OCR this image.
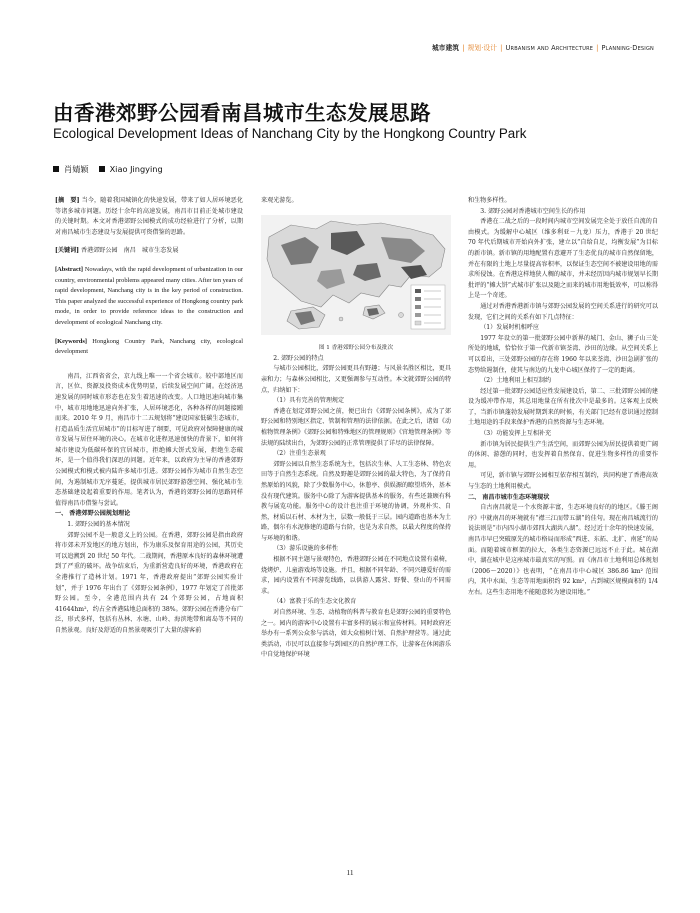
城市建筑 | 规划·设计 | Urbanism and Architecture | Planning·Design
由香港郊野公园看南昌城市生态发展思路
Ecological Development Ideas of Nanchang City by the Hongkong Country Park
肖婧颖	Xiao Jingying

[摘　要] 当今，随着我国城镇化的快速发展，带来了如人居环境恶化等诸多城市问题。历经十余年的高速发展，南昌市目前正处城市建设的关键时期。本文对香港郊野公园模式的成功经验进行了分析，以期对南昌城市生态建设与发展提供可资借鉴的思路。

[关键词] 香港郊野公园　南昌　城市生态发展

[Abstract] Nowadays, with the rapid development of urbanization in our country, environmental problems appeared many cities. After ten years of rapid development, Nanchang city is in the key period of construction. This paper analyzed the successful experience of Hongkong country park mode, in order to provide reference ideas to the construction and development of ecological Nanchang city.

[Keywords] Hongkong Country Park, Nanchang city, ecological development

南昌，江西省省会，京九线上唯一一个省会城市。较中部地区而言，区位、资源及投资成本优势明显，后续发展空间广阔。在经济迅速发展的同时城市形态也在发生着迅速的改变。人口地迅速向城市集中，城市用地地迅速向外扩张，人居环境恶化，各种各样的问题接踵而来。2010 年 9 月，南昌市十二五规划将“建设国家低碳生态城市，打造品质生活宜居城市”的目标写进了纲要，可见政府对保障健康的城市发展与居住环境的决心。在城市化进程迅速加快的背景下，如何将城市建设为低碳环保的宜居城市，拒绝摊大饼式发展，拒绝生态破坏，是一个值得我们深思的问题。近年来，以政府为主导的香港郊野公园模式和模式被内陆许多城市引进。郊野公园作为城市自然生态空间，为遏制城市无序蔓延，提供城市居民郊野游憩空间、强化城市生态基础建设起着重要的作用。笔者认为，香港的郊野公园的思路同样值得南昌市借鉴与尝试。

一、 香港郊野公园规划理论

1. 郊野公园的基本情况

郊野公园不是一般意义上的公园。在香港，郊野公园是指由政府将市郊未开发地区的地方划出，作为康乐及保育用途的公园，其历史可以追溯到 20 世纪 50 年代。二战期间，香港原本良好的森林环境遭到了严重的破坏。战争结束后，为重新营造良好的环境，香港政府在全港推行了造林计划。1971 年，香港政府提出“郊野公园实验计划”，并于 1976 年出台了《郊野公园条例》，1977 年划定了首批郊野公园。至今，全港范围内共有 24 个郊野公园，占地面积 41644hm²，约占全香港陆地总面积的 38%。郊野公园在香港分布广泛，形式多样，包括有丛林、水塘、山岭、海滨地带和离岛等不同的自然景观。良好及舒适的自然景观吸引了大量的游客前

来观光游览。

图 1 香港郊野公园分布及批次

2. 郊野公园的特点

与城市公园相比，郊野公园更具有野趣；与风景名胜区相比，更具亲和力；与森林公园相比，又更强调参与互动性。本文就郊野公园的特点，归纳如下：

（1）具有完善的管理规定

香港在划定郊野公园之前，便已出台《郊野公园条例》，成为了郊野公园和特别地区指定、管制和管理的法律依据。在此之后，诸如《动植物管理条例》《郊野公园和特殊地区的管理规则》《官地管理条例》等法规的陆续出台，为郊野公园的正常管理提供了详尽的法律保障。

（2）注重生态景观

郊野公园以自然生态系统为主，包括次生林、人工生态林、特色农田等于自然生态系统。自然及野趣是郊野公园的最大特色，为了保持自然原始的风貌，除了少数服务中心，休憩亭、供娱源的瞭望塔外，基本没有现代建筑。服务中心除了为游客提供基本的服务，有些还兼顾有科教与展览功能。服务中心的设计也注重于环境的协调，外观朴实、自然，材质以石材、木材为主，层数一般低于三层。园内道路也基本为土路，偶尔有水泥修建的道路与台阶，也是为求自然，以最大程度的保持与环境的和谐。

（3）游乐设施的多样性

根据不同主题与景观特色，香港郊野公园在不同地点设置有桌椅，烧烤炉、儿童游戏场等设施。并且，根据不同年龄、不同兴趣爱好的需求，园内设置有不同游览线路，以供游人露营、野餐、登山的不同需求。

（4）富教于乐的生态文化教育

对自然环境、生态、动植物的科普与教育也是郊野公园的重要特色之一。园内的游客中心设置有丰富多样的展示和宣传材料。同时政府还举办有一系列公众参与活动，如大众植树计划、自然护理营等。通过此类活动，市民可以直接参与到园区的自然护理工作，让游客在休闲游乐中自觉地保护环境

和生物多样性。

3. 郊野公园对香港城市空间生长的作用

香港在二战之后的一段时间内城市空间发展完全处于放任自流的自由模式。为缓解中心城区（维多利亚－九龙）压力，香港于 20 世纪 70 年代后期城市开始向外扩张，建立以“自给自足，均衡发展”为目标的新市镇。新市镇的用地配置有意避开了生态优良的城市自然保留地，并在有限的土地上尽量提高容积率，以保证生态空间不被建设用地的需求所侵蚀。在香港这样地狭人稠的城市，并未经历因内城市规划早长期批评的“摊大饼”式城市扩张以及随之而来的城市用地低效率，可以称得上是一个奇迹。

通过对香港香港新市镇与郊野公园发展的空间关系进行的研究可以发现，它们之间的关系有如下几点特征：

（1）发展时机相呼应

1977 年设立的第一批郊野公园中新界的城门、金山、狮子山三处所处的地域，恰恰位于第一代新市镇荃湾、沙田的边缘。从空间关系上可以看出，三处郊野公园的存在将 1960 年以来荃湾、沙田急剧扩张的态势给遏制住，使其与南边的九龙中心城区保持了一定的距离。

（2）土地利用上相互制约

经过第一批郊野公园适应性发展建设后，第二、三批郊野公园的建设为缓冲带作用，其总用地量在所有批次中是最多的。这客观上反映了，当新市镇蓬勃发展时期到来的时候，有关部门已经有意识通过控制土地用途的手段来保护香港的自然资源与生态环境。

（3）功能发挥上互相补充

新市镇为居民提供生产生活空间，而郊野公园为居民提供着更广阔的休闲、游憩的同时，也发挥着自然保育、促进生物多样性的重要作用。

可见，新市镇与郊野公园相互依存相互制约，共同构建了香港高效与生态的土地利用模式。

二、 南昌市城市生态环境现状

自古南昌就是一个水资源丰富，生态环境良好的的地区。《滕王阁序》中就南昌的环境就有“襟三江而带五湖”的佳句。现在南昌城流行的说法则是“市内四小湖市郊四大湖共八湖”。经过近十余年的快速发展，南昌市早已突破原先的城市格局而形成“西进、东拓、北扩、南延”的局面。而随着城市框架的拉大，各类生态资源已远远不止于此。城在湖中，湖在城中是这座城市最真实的写照。而《南昌市土地利用总体规划（2006～2020）》也表明，“在南昌市中心城区 386.86 km² 范围内，其中水面、生态等用地面积约 92 km²，占到城区规模面积的 1/4 左右。这些生态用地不能随意转为建设用地。”

11
